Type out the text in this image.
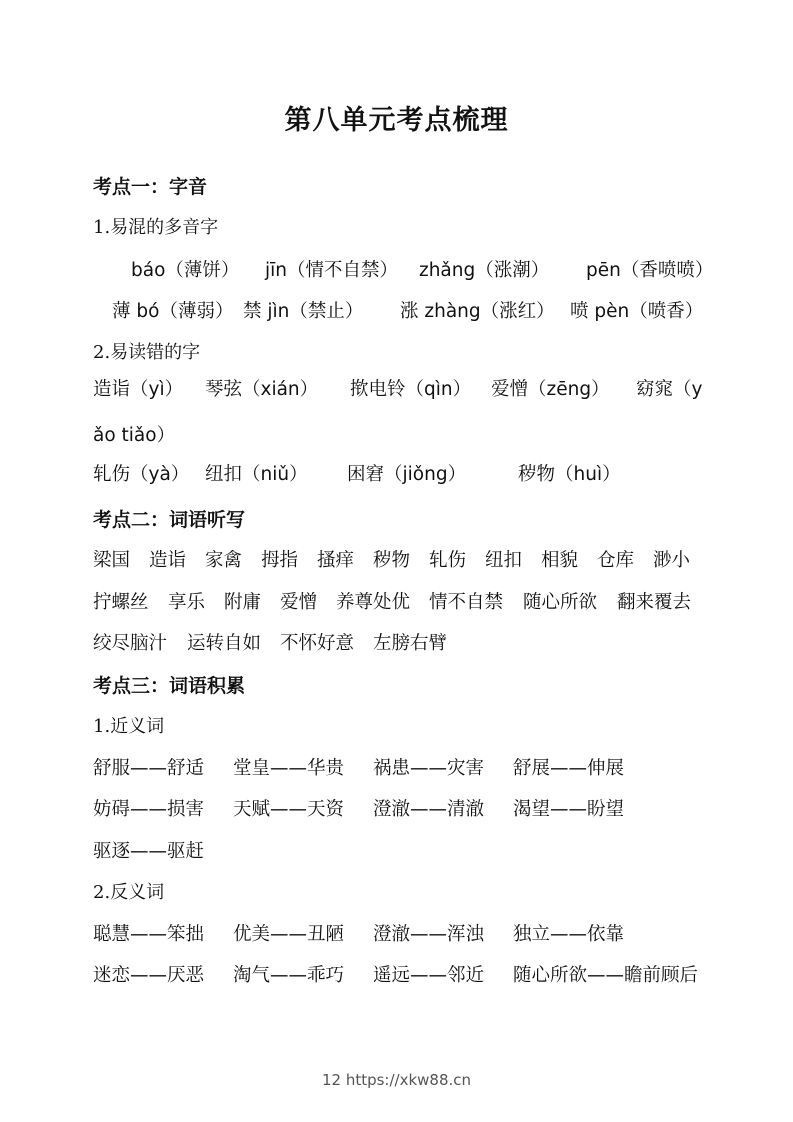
第八单元考点梳理
考点一：字音
1.易混的多音字
báo（薄饼） jīn（情不自禁） zhǎng（涨潮） pēn（香喷喷）
薄 bó（薄弱） 禁 jìn（禁止） 涨 zhàng（涨红） 喷 pèn（喷香）
2.易读错的字
造诣（yì） 琴弦（xián） 揿电铃（qìn） 爱憎（zēng） 窈窕（y
ǎo tiǎo）
轧伤（yà） 纽扣（niǔ） 困窘（jiǒng）	秽物（huì）
考点二：词语听写
梁国 造诣 家禽 拇指 搔痒 秽物 轧伤 纽扣 相貌 仓库 渺小
拧螺丝 享乐 附庸 爱憎 养尊处优 情不自禁 随心所欲 翻来覆去
绞尽脑汁 运转自如 不怀好意 左膀右臂
考点三：词语积累
1.近义词
舒服——舒适 堂皇——华贵 祸患——灾害 舒展——伸展
妨碍——损害 天赋——天资 澄澈——清澈 渴望——盼望
驱逐——驱赶
2.反义词
聪慧——笨拙 优美——丑陋 澄澈——浑浊 独立——依靠
迷恋——厌恶 淘气——乖巧 遥远——邻近 随心所欲——瞻前顾后
12 https://xkw88.cn
